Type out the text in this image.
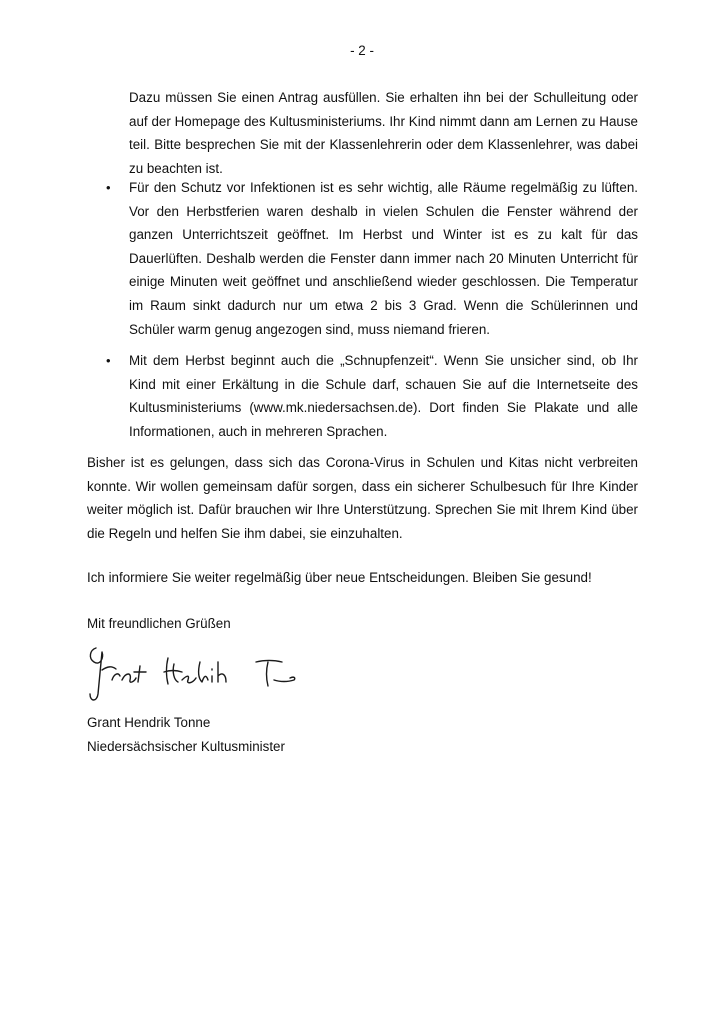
- 2 -
Dazu müssen Sie einen Antrag ausfüllen. Sie erhalten ihn bei der Schulleitung oder auf der Homepage des Kultusministeriums. Ihr Kind nimmt dann am Lernen zu Hause teil. Bitte besprechen Sie mit der Klassenlehrerin oder dem Klassenlehrer, was dabei zu beachten ist.
• Für den Schutz vor Infektionen ist es sehr wichtig, alle Räume regelmäßig zu lüften. Vor den Herbstferien waren deshalb in vielen Schulen die Fenster während der ganzen Unterrichtszeit geöffnet. Im Herbst und Winter ist es zu kalt für das Dauerlüften. Deshalb werden die Fenster dann immer nach 20 Minuten Unterricht für einige Minuten weit geöffnet und anschließend wieder geschlossen. Die Temperatur im Raum sinkt dadurch nur um etwa 2 bis 3 Grad. Wenn die Schülerinnen und Schüler warm genug angezogen sind, muss niemand frieren.
• Mit dem Herbst beginnt auch die „Schnupfenzeit“. Wenn Sie unsicher sind, ob Ihr Kind mit einer Erkältung in die Schule darf, schauen Sie auf die Internetseite des Kultusministeriums (www.mk.niedersachsen.de). Dort finden Sie Plakate und alle Informationen, auch in mehreren Sprachen.
Bisher ist es gelungen, dass sich das Corona-Virus in Schulen und Kitas nicht verbreiten konnte. Wir wollen gemeinsam dafür sorgen, dass ein sicherer Schulbesuch für Ihre Kinder weiter möglich ist. Dafür brauchen wir Ihre Unterstützung. Sprechen Sie mit Ihrem Kind über die Regeln und helfen Sie ihm dabei, sie einzuhalten.
Ich informiere Sie weiter regelmäßig über neue Entscheidungen. Bleiben Sie gesund!
Mit freundlichen Grüßen
Grant Hendrik Tonne
Niedersächsischer Kultusminister
